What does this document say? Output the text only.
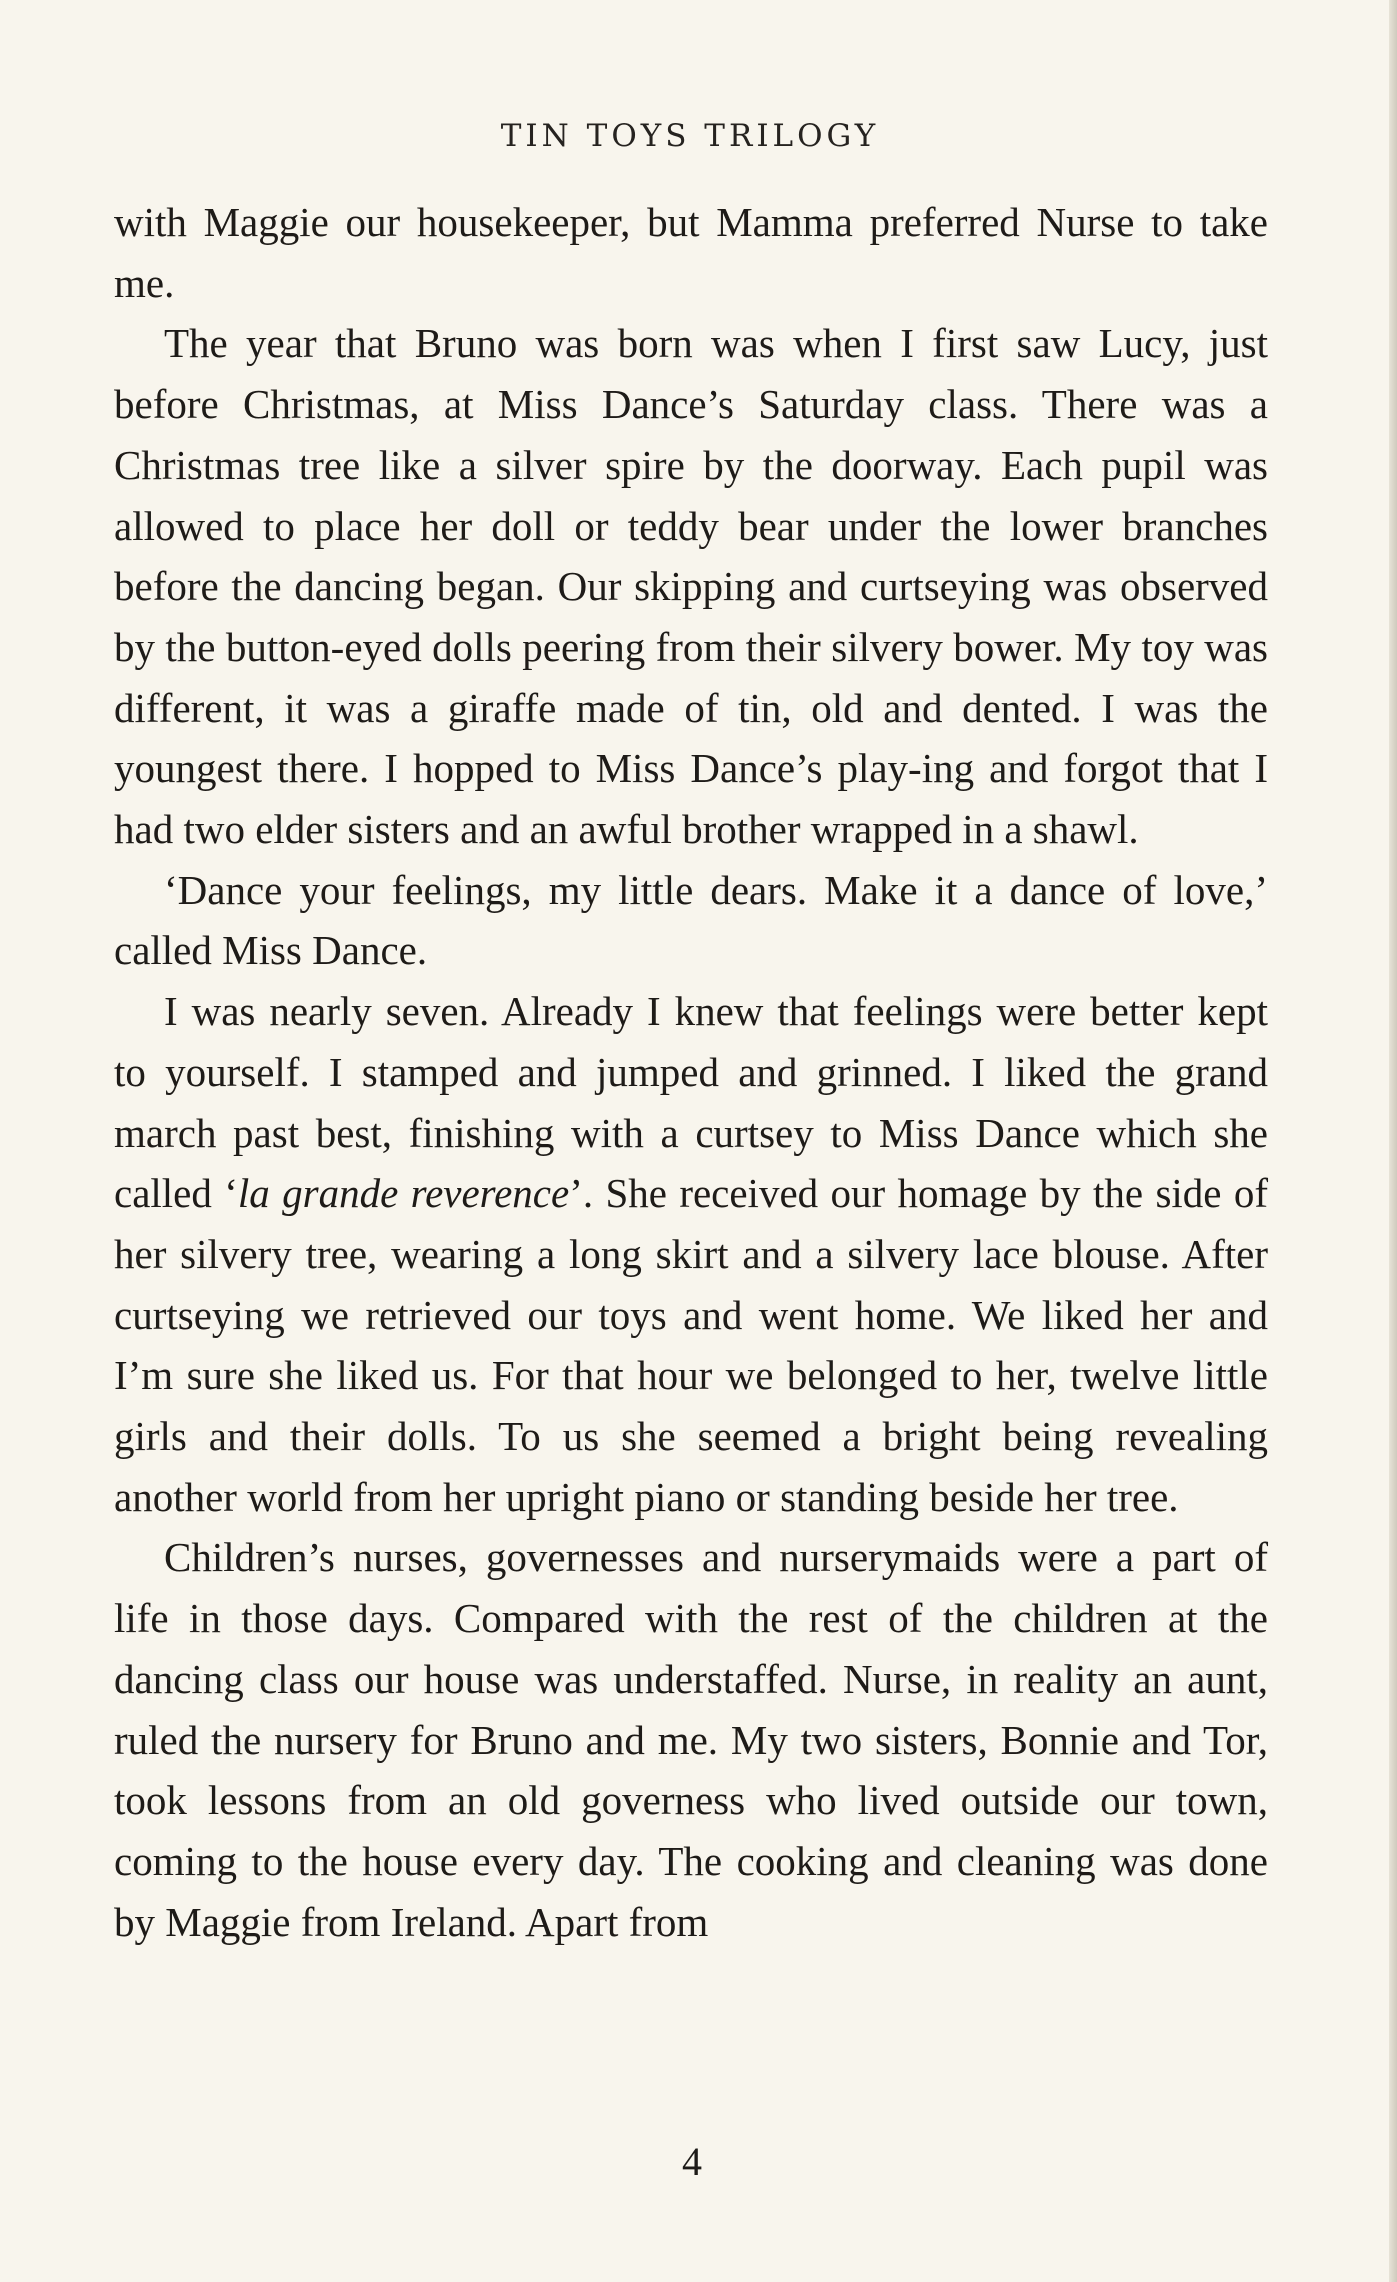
TIN TOYS TRILOGY

with Maggie our housekeeper, but Mamma preferred Nurse to take me.

The year that Bruno was born was when I first saw Lucy, just before Christmas, at Miss Dance’s Saturday class. There was a Christmas tree like a silver spire by the doorway. Each pupil was allowed to place her doll or teddy bear under the lower branches before the dancing began. Our skipping and curtseying was observed by the button-eyed dolls peering from their silvery bower. My toy was different, it was a giraffe made of tin, old and dented. I was the youngest there. I hopped to Miss Dance’s play-ing and forgot that I had two elder sisters and an awful brother wrapped in a shawl.

‘Dance your feelings, my little dears. Make it a dance of love,’ called Miss Dance.

I was nearly seven. Already I knew that feelings were better kept to yourself. I stamped and jumped and grinned. I liked the grand march past best, finishing with a curtsey to Miss Dance which she called ‘la grande reverence’. She received our homage by the side of her silvery tree, wearing a long skirt and a silvery lace blouse. After curtseying we retrieved our toys and went home. We liked her and I’m sure she liked us. For that hour we belonged to her, twelve little girls and their dolls. To us she seemed a bright being revealing another world from her upright piano or standing beside her tree.

Children’s nurses, governesses and nurserymaids were a part of life in those days. Compared with the rest of the children at the dancing class our house was understaffed. Nurse, in reality an aunt, ruled the nursery for Bruno and me. My two sisters, Bonnie and Tor, took lessons from an old governess who lived outside our town, coming to the house every day. The cooking and cleaning was done by Maggie from Ireland. Apart from

4
